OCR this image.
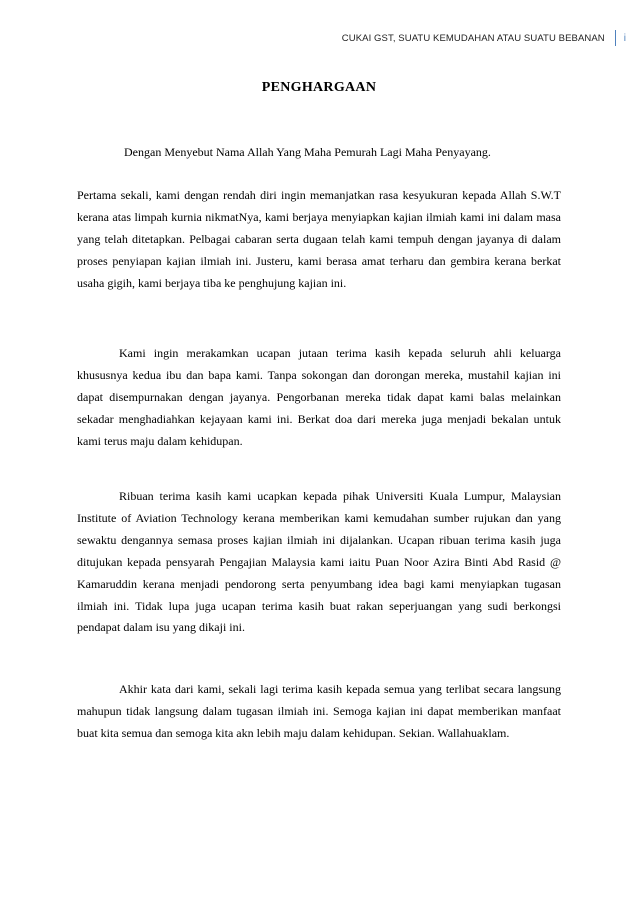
CUKAI GST, SUATU KEMUDAHAN ATAU SUATU BEBANAN	i
PENGHARGAAN
Dengan Menyebut Nama Allah Yang Maha Pemurah Lagi Maha Penyayang.

Pertama sekali, kami dengan rendah diri ingin memanjatkan rasa kesyukuran kepada Allah S.W.T kerana atas limpah kurnia nikmatNya, kami berjaya menyiapkan kajian ilmiah kami ini dalam masa yang telah ditetapkan. Pelbagai cabaran serta dugaan telah kami tempuh dengan jayanya di dalam proses penyiapan kajian ilmiah ini. Justeru, kami berasa amat terharu dan gembira kerana berkat usaha gigih, kami berjaya tiba ke penghujung kajian ini.

Kami ingin merakamkan ucapan jutaan terima kasih kepada seluruh ahli keluarga khususnya kedua ibu dan bapa kami. Tanpa sokongan dan dorongan mereka, mustahil kajian ini dapat disempurnakan dengan jayanya. Pengorbanan mereka tidak dapat kami balas melainkan sekadar menghadiahkan kejayaan kami ini. Berkat doa dari mereka juga menjadi bekalan untuk kami terus maju dalam kehidupan.

Ribuan terima kasih kami ucapkan kepada pihak Universiti Kuala Lumpur, Malaysian Institute of Aviation Technology kerana memberikan kami kemudahan sumber rujukan dan yang sewaktu dengannya semasa proses kajian ilmiah ini dijalankan. Ucapan ribuan terima kasih juga ditujukan kepada pensyarah Pengajian Malaysia kami iaitu Puan Noor Azira Binti Abd Rasid @ Kamaruddin kerana menjadi pendorong serta penyumbang idea bagi kami menyiapkan tugasan ilmiah ini. Tidak lupa juga ucapan terima kasih buat rakan seperjuangan yang sudi berkongsi pendapat dalam isu yang dikaji ini.

Akhir kata dari kami, sekali lagi terima kasih kepada semua yang terlibat secara langsung mahupun tidak langsung dalam tugasan ilmiah ini. Semoga kajian ini dapat memberikan manfaat buat kita semua dan semoga kita akn lebih maju dalam kehidupan. Sekian. Wallahuaklam.
